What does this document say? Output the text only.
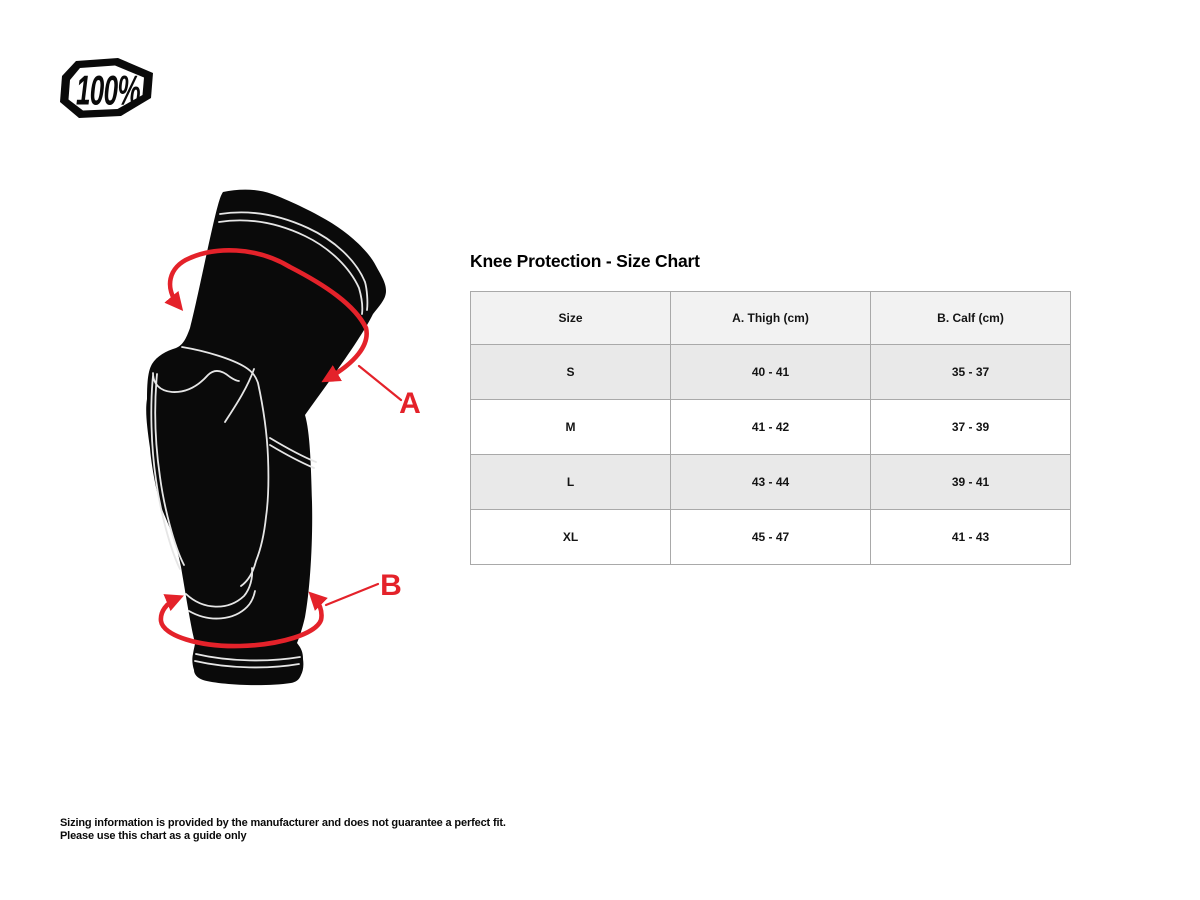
100%
A
B
Knee Protection - Size Chart
Size	A. Thigh (cm)	B. Calf (cm)
S	40 - 41	35 - 37
M	41 - 42	37 - 39
L	43 - 44	39 - 41
XL	45 - 47	41 - 43
Sizing information is provided by the manufacturer and does not guarantee a perfect fit.
Please use this chart as a guide only
